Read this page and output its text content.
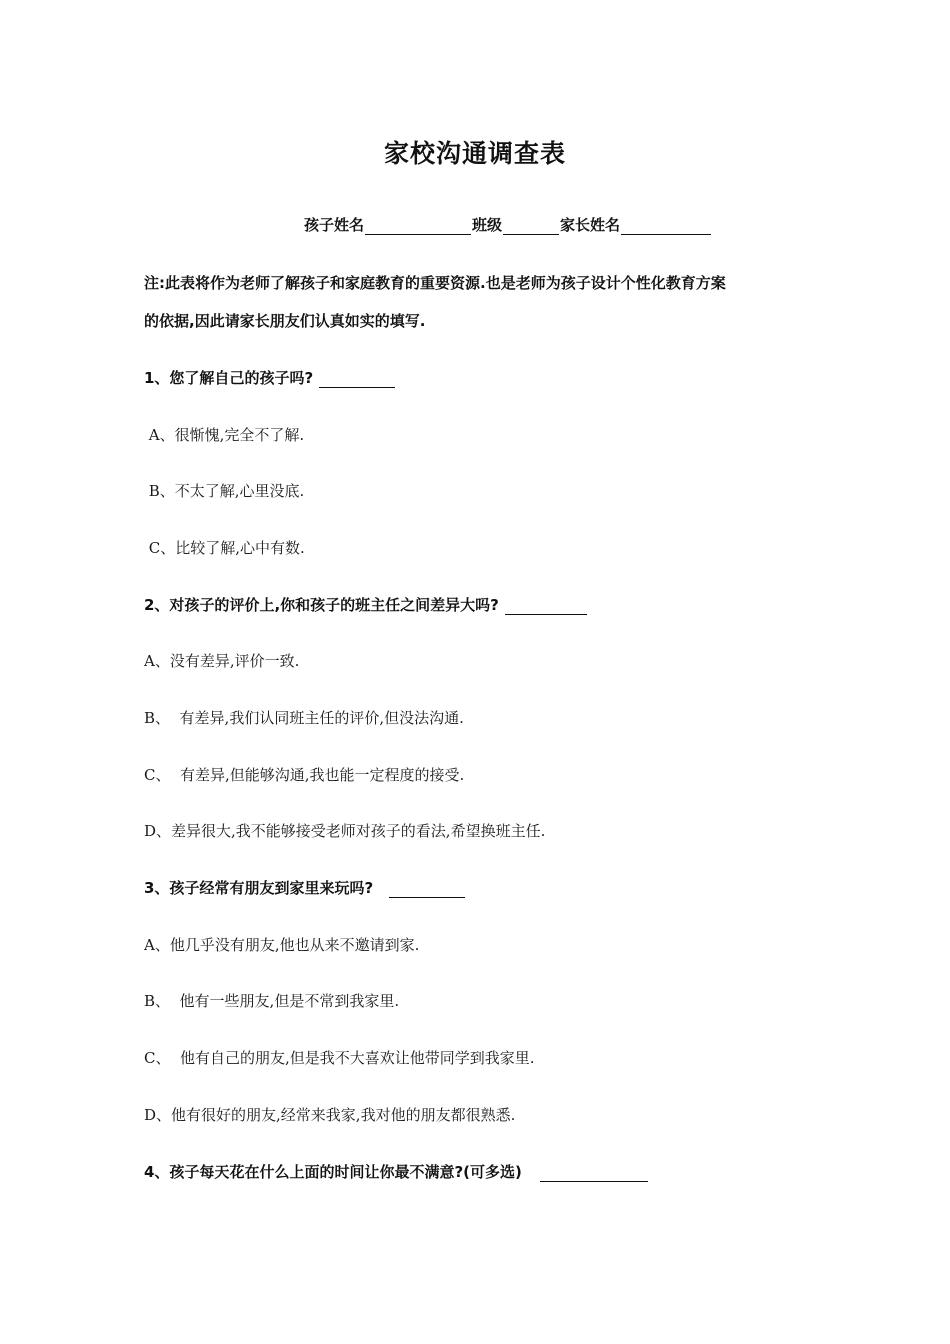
家校沟通调查表
孩子姓名	班级	家长姓名
注:此表将作为老师了解孩子和家庭教育的重要资源.也是老师为孩子设计个性化教育方案
的依据,因此请家长朋友们认真如实的填写.
1、您了解自己的孩子吗?
A、很惭愧,完全不了解.
B、不太了解,心里没底.
C、比较了解,心中有数.
2、对孩子的评价上,你和孩子的班主任之间差异大吗?
A、没有差异,评价一致.
B、  有差异,我们认同班主任的评价,但没法沟通.
C、  有差异,但能够沟通,我也能一定程度的接受.
D、差异很大,我不能够接受老师对孩子的看法,希望换班主任.
3、孩子经常有朋友到家里来玩吗?
A、他几乎没有朋友,他也从来不邀请到家.
B、  他有一些朋友,但是不常到我家里.
C、  他有自己的朋友,但是我不大喜欢让他带同学到我家里.
D、他有很好的朋友,经常来我家,我对他的朋友都很熟悉.
4、孩子每天花在什么上面的时间让你最不满意?(可多选)
